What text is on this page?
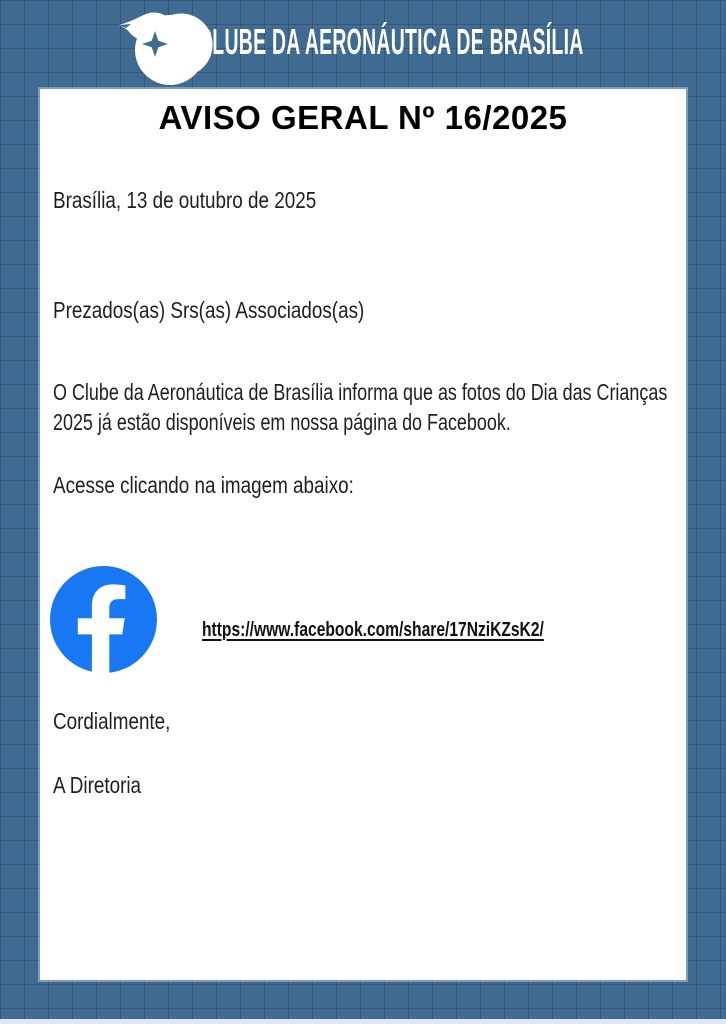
CLUBE DA AERONÁUTICA DE BRASÍLIA
AVISO GERAL Nº 16/2025

Brasília, 13 de outubro de 2025

Prezados(as) Srs(as) Associados(as)

O Clube da Aeronáutica de Brasília informa que as fotos do Dia das Crianças 2025 já estão disponíveis em nossa página do Facebook.

Acesse clicando na imagem abaixo:

https://www.facebook.com/share/17NziKZsK2/

Cordialmente,

A Diretoria
